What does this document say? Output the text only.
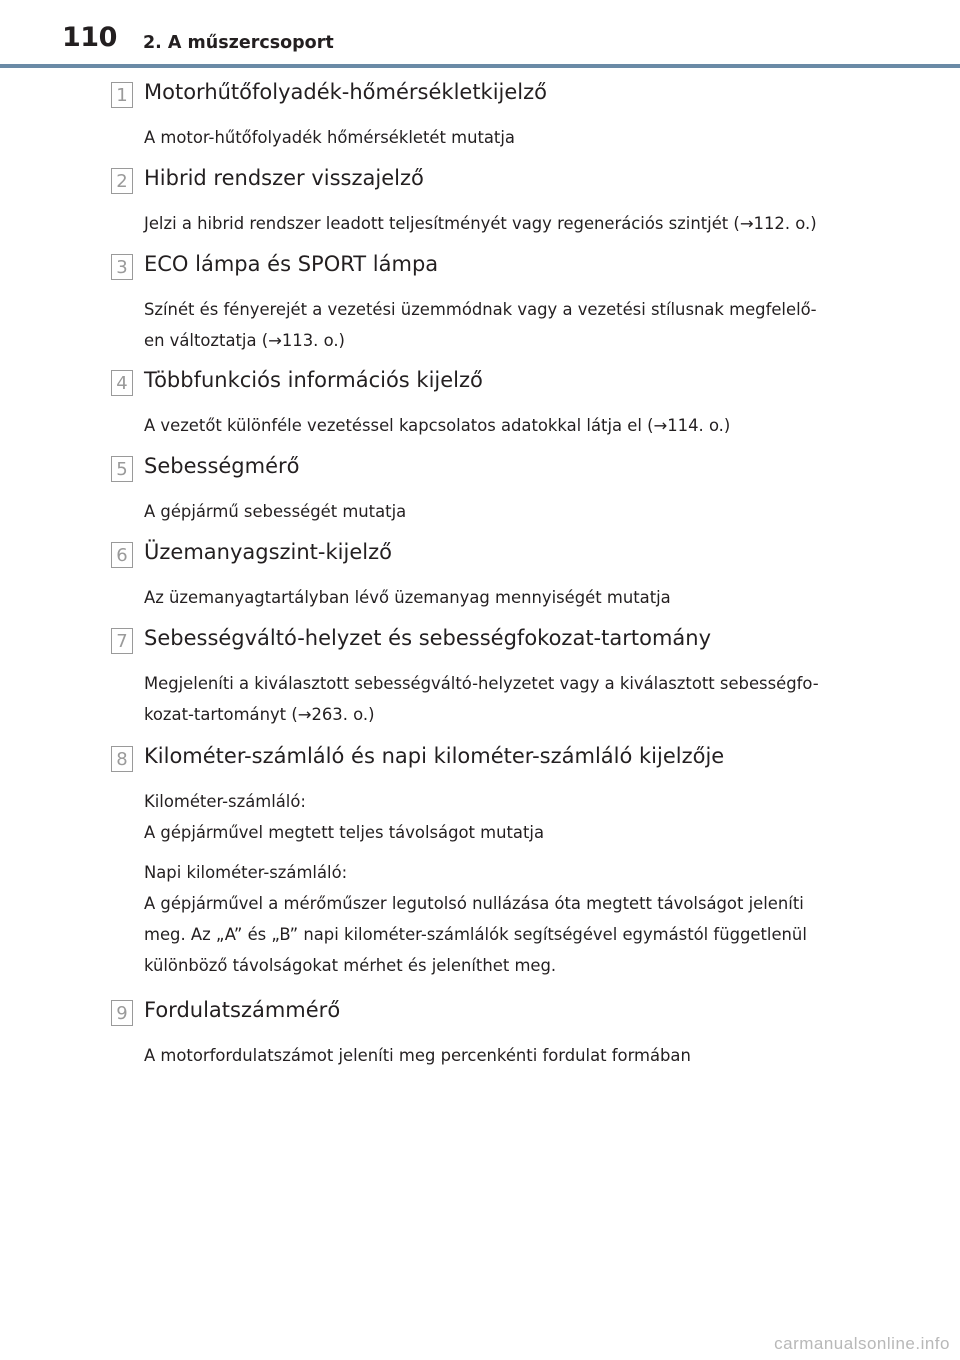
110 2. A műszercsoport
1 Motorhűtőfolyadék-hőmérsékletkijelző

A motor-hűtőfolyadék hőmérsékletét mutatja

2 Hibrid rendszer visszajelző

Jelzi a hibrid rendszer leadott teljesítményét vagy regenerációs szintjét (→112. o.)

3 ECO lámpa és SPORT lámpa

Színét és fényerejét a vezetési üzemmódnak vagy a vezetési stílusnak megfelelő-

en változtatja (→113. o.)

4 Többfunkciós információs kijelző

A vezetőt különféle vezetéssel kapcsolatos adatokkal látja el (→114. o.)

5 Sebességmérő

A gépjármű sebességét mutatja

6 Üzemanyagszint-kijelző

Az üzemanyagtartályban lévő üzemanyag mennyiségét mutatja

7 Sebességváltó-helyzet és sebességfokozat-tartomány

Megjeleníti a kiválasztott sebességváltó-helyzetet vagy a kiválasztott sebességfo-

kozat-tartományt (→263. o.)

8 Kilométer-számláló és napi kilométer-számláló kijelzője

Kilométer-számláló:

A gépjárművel megtett teljes távolságot mutatja

Napi kilométer-számláló:

A gépjárművel a mérőműszer legutolsó nullázása óta megtett távolságot jeleníti

meg. Az „A” és „B” napi kilométer-számlálók segítségével egymástól függetlenül

különböző távolságokat mérhet és jeleníthet meg.

9 Fordulatszámmérő

A motorfordulatszámot jeleníti meg percenkénti fordulat formában

carmanualsonline.info
